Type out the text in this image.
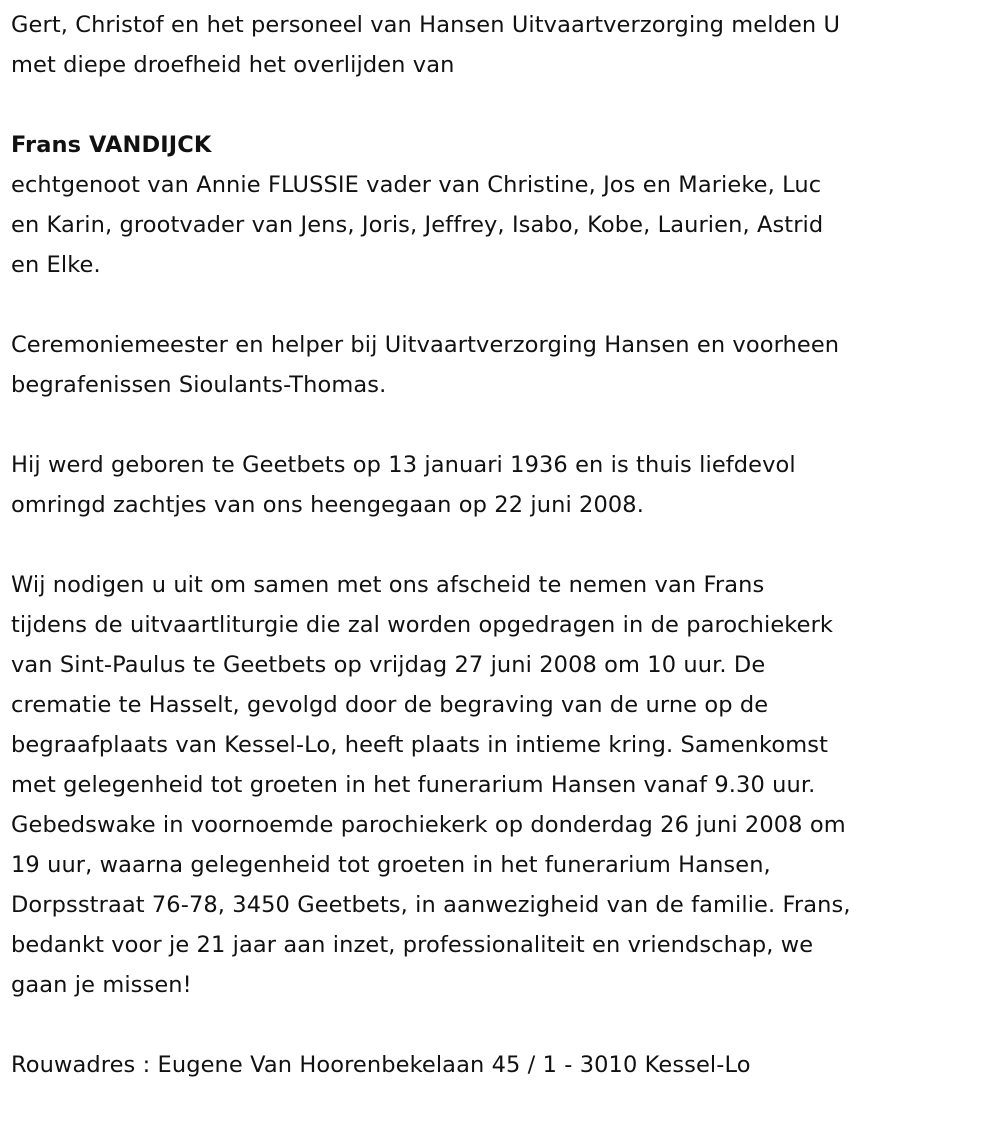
Gert, Christof en het personeel van Hansen Uitvaartverzorging melden U
met diepe droefheid het overlijden van

Frans VANDIJCK

echtgenoot van Annie FLUSSIE vader van Christine, Jos en Marieke, Luc
en Karin, grootvader van Jens, Joris, Jeffrey, Isabo, Kobe, Laurien, Astrid
en Elke.

Ceremoniemeester en helper bij Uitvaartverzorging Hansen en voorheen
begrafenissen Sioulants-Thomas.

Hij werd geboren te Geetbets op 13 januari 1936 en is thuis liefdevol
omringd zachtjes van ons heengegaan op 22 juni 2008.

Wij nodigen u uit om samen met ons afscheid te nemen van Frans
tijdens de uitvaartliturgie die zal worden opgedragen in de parochiekerk
van Sint-Paulus te Geetbets op vrijdag 27 juni 2008 om 10 uur. De
crematie te Hasselt, gevolgd door de begraving van de urne op de
begraafplaats van Kessel-Lo, heeft plaats in intieme kring. Samenkomst
met gelegenheid tot groeten in het funerarium Hansen vanaf 9.30 uur.
Gebedswake in voornoemde parochiekerk op donderdag 26 juni 2008 om
19 uur, waarna gelegenheid tot groeten in het funerarium Hansen,
Dorpsstraat 76-78, 3450 Geetbets, in aanwezigheid van de familie. Frans,
bedankt voor je 21 jaar aan inzet, professionaliteit en vriendschap, we
gaan je missen!

Rouwadres : Eugene Van Hoorenbekelaan 45 / 1 - 3010 Kessel-Lo
